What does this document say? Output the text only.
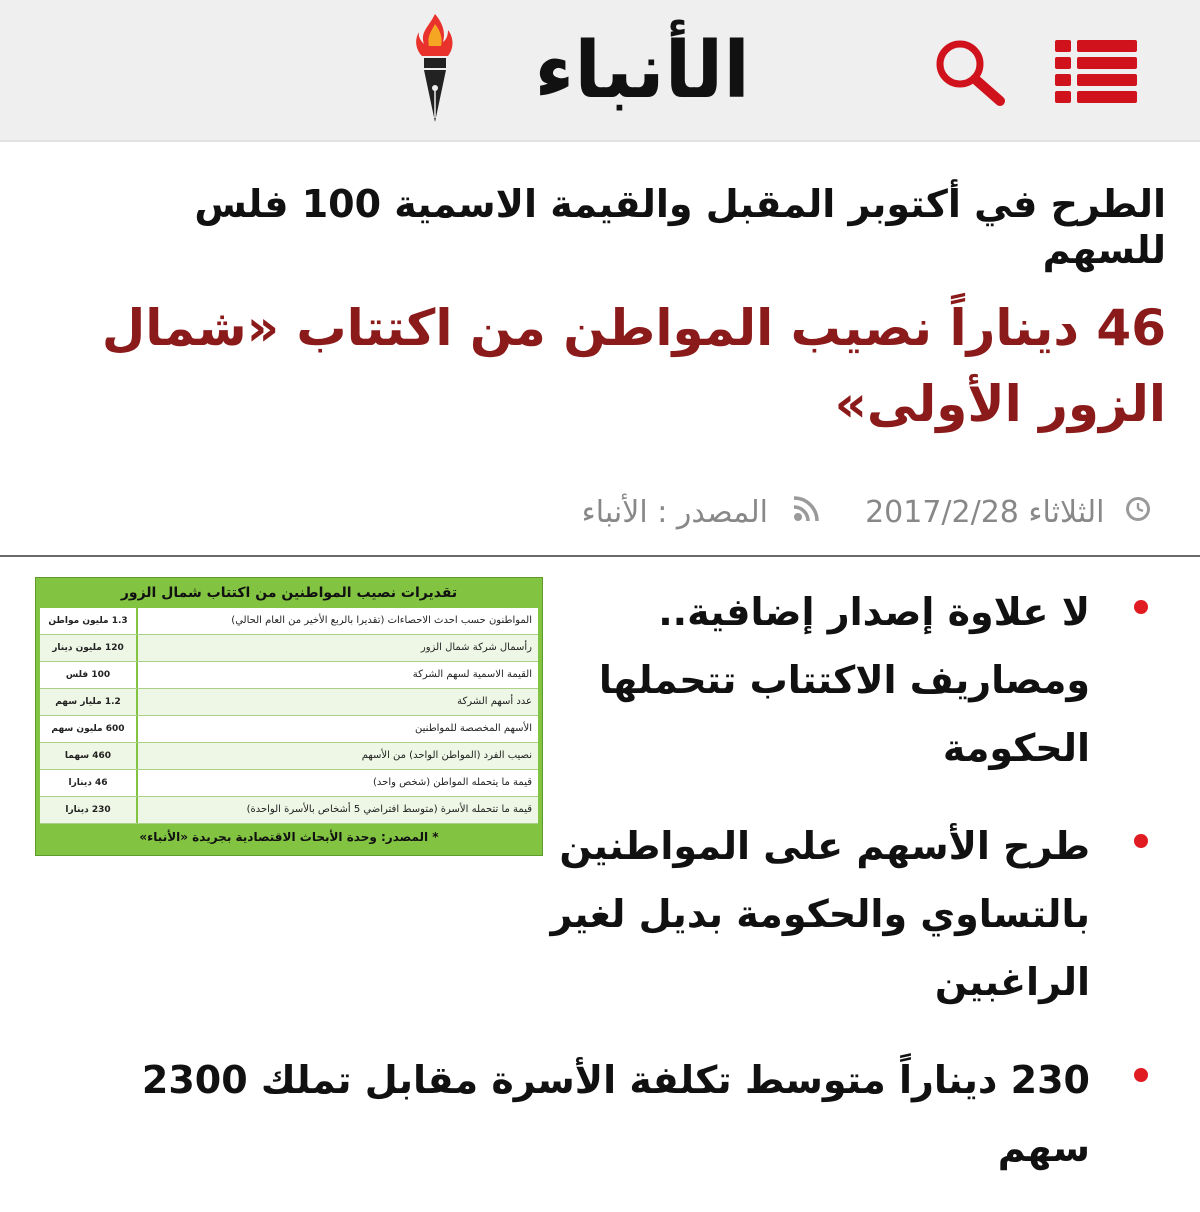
الأنباء
الطرح في أكتوبر المقبل والقيمة الاسمية 100 فلس للسهم
46 ديناراً نصيب المواطن من اكتتاب «شمال الزور الأولى»
الثلاثاء 2017/2/28  المصدر : الأنباء
تقديرات نصيب المواطنين من اكتتاب شمال الزور
المواطنون حسب احدث الاحصاءات (تقديرا بالربع الأخير من العام الحالي)
1.3 مليون مواطن
رأسمال شركة شمال الزور
120 مليون دينار
القيمة الاسمية لسهم الشركة
100 فلس
عدد أسهم الشركة
1.2 مليار سهم
الأسهم المخصصة للمواطنين
600 مليون سهم
نصيب الفرد (المواطن الواحد) من الأسهم
460 سهما
قيمة ما يتحمله المواطن (شخص واحد)
46 دينارا
قيمة ما تتحمله الأسرة (متوسط افتراضي 5 أشخاص بالأسرة الواحدة)
230 دينارا
* المصدر: وحدة الأبحاث الاقتصادية بجريدة «الأنباء»
لا علاوة إصدار إضافية.. ومصاريف الاكتتاب تتحملها الحكومة
طرح الأسهم على المواطنين بالتساوي والحكومة بديل لغير الراغبين
230 ديناراً متوسط تكلفة الأسرة مقابل تملك 2300 سهم
